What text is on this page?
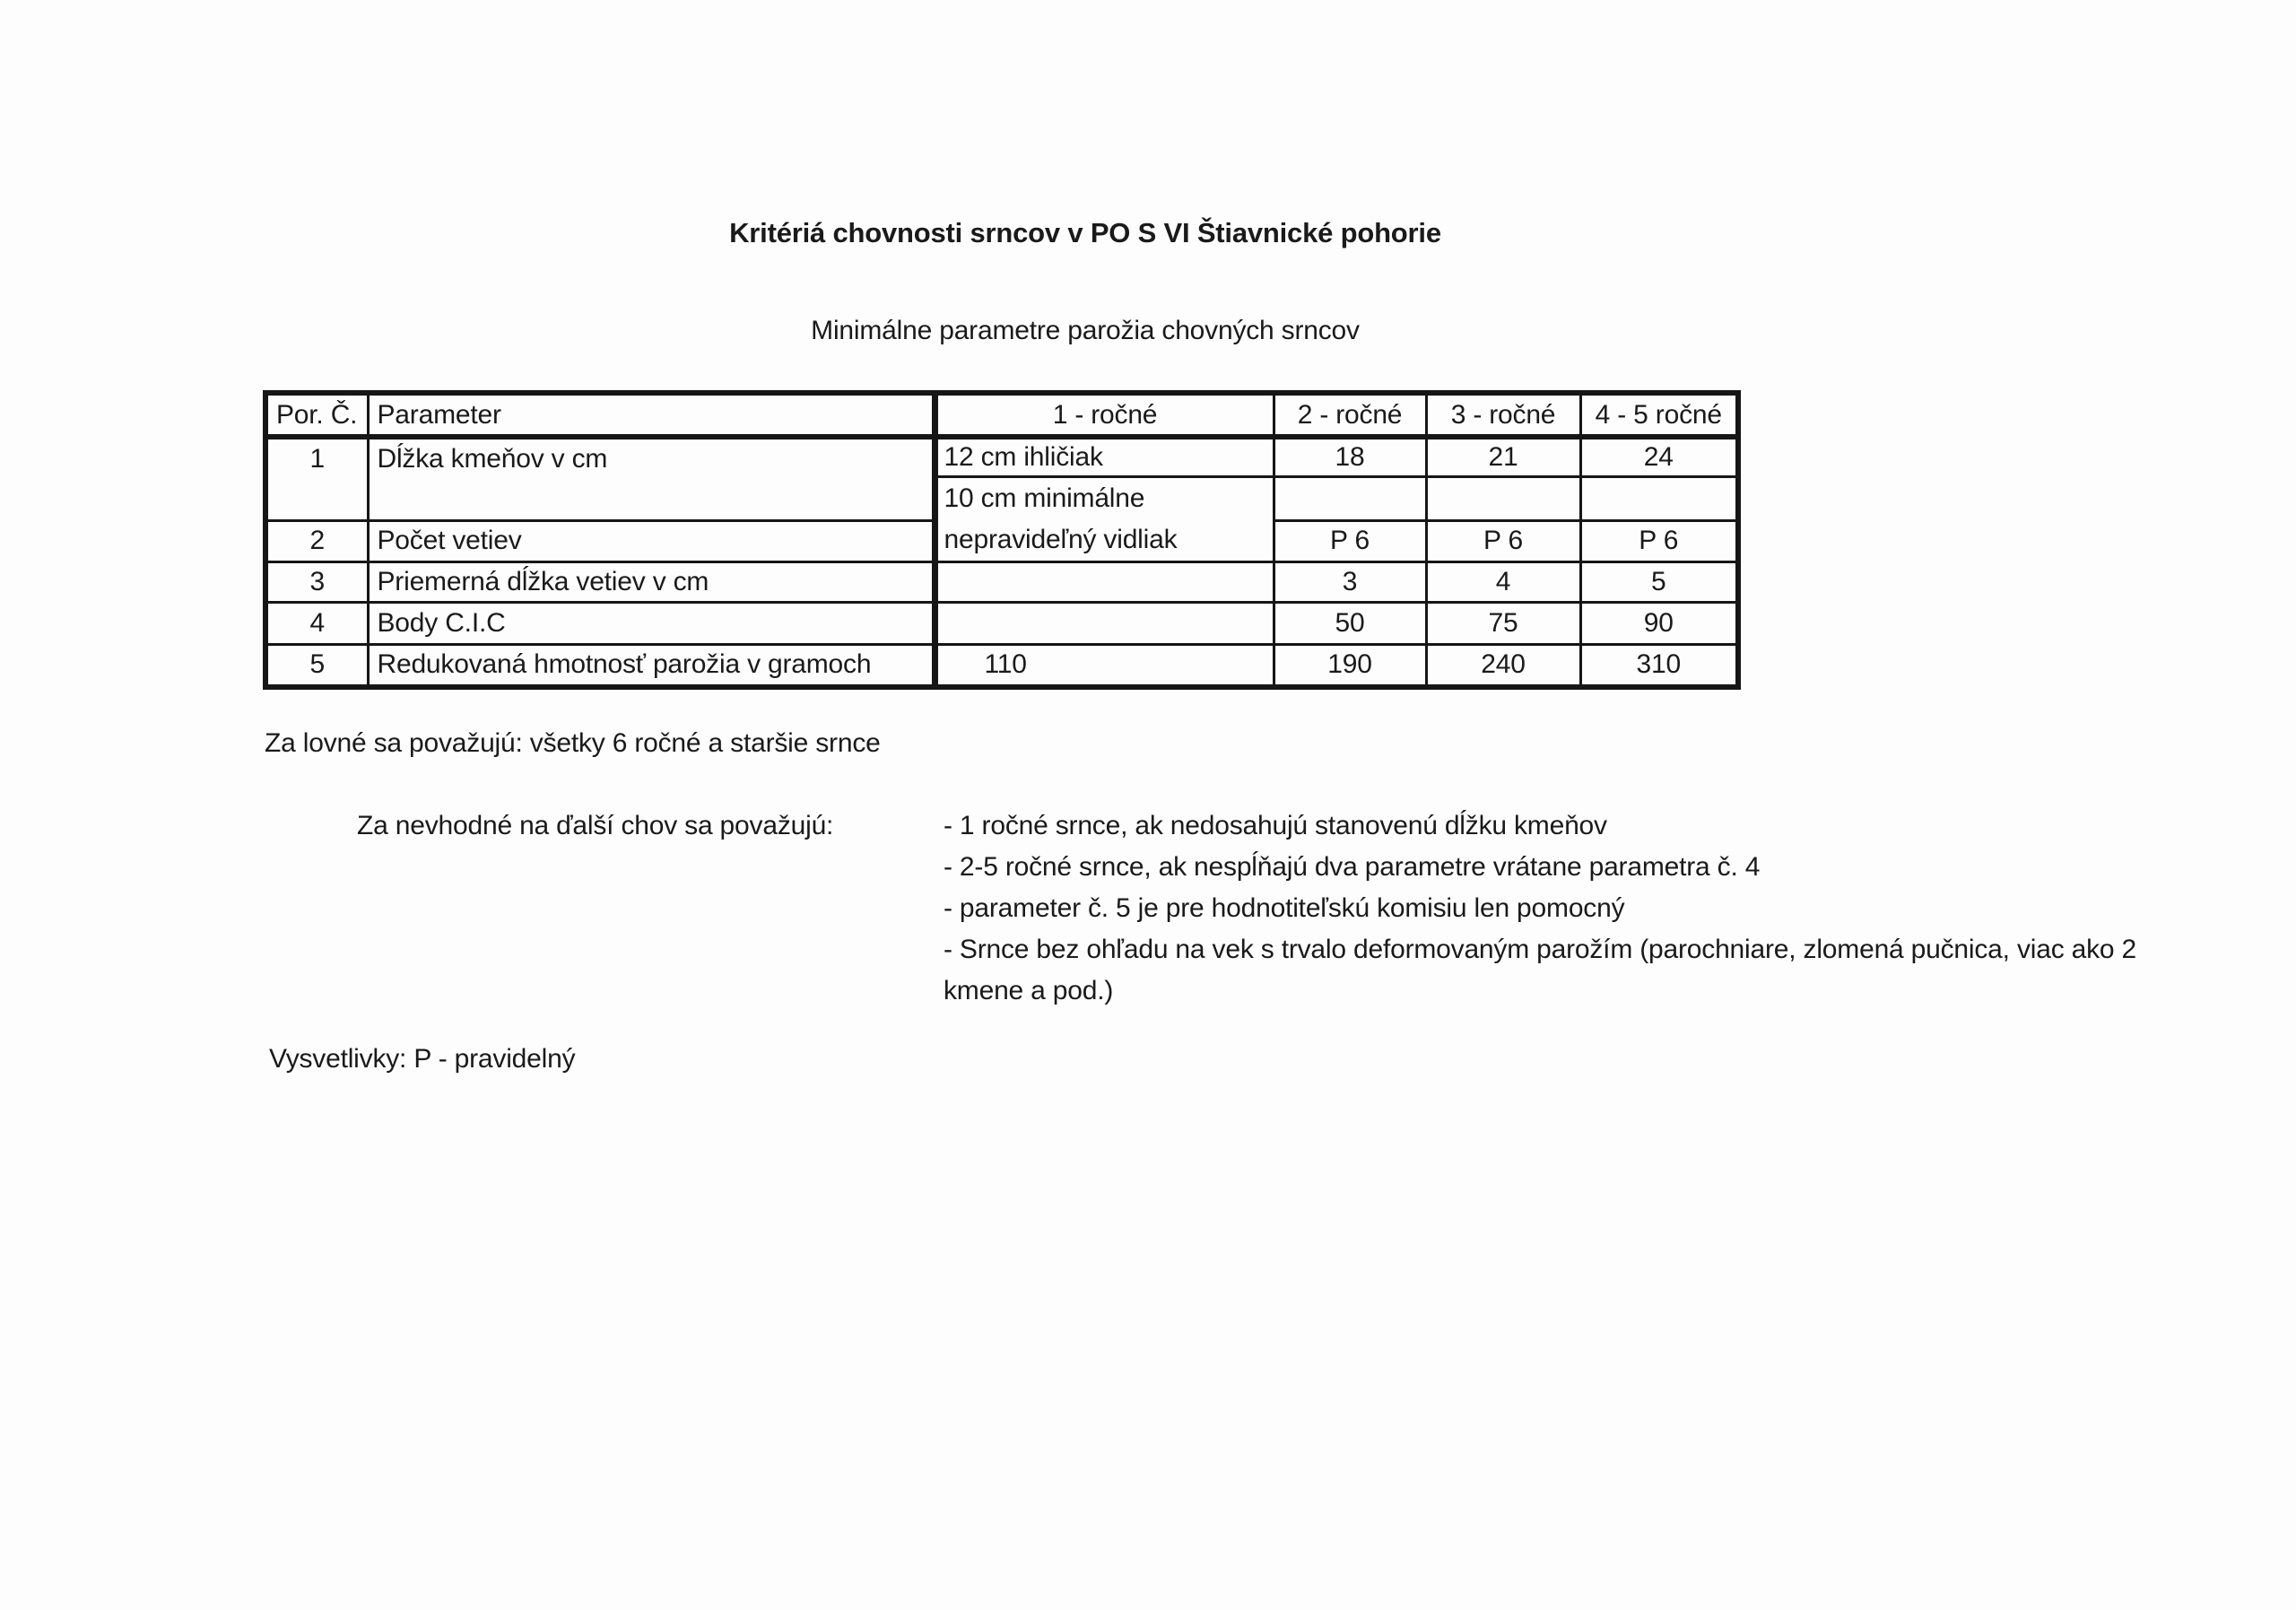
Kritériá chovnosti srncov v PO S VI Štiavnické pohorie
Minimálne parametre parožia chovných srncov
Por. Č.	Parameter	1 - ročné	2 - ročné	3 - ročné	4 - 5 ročné
1	Dĺžka kmeňov v cm	12 cm ihličiak	18	21	24

		10 cm minimálne
nepravideľný vidliak			

2	Počet vetiev		P 6	P 6	P 6
3	Priemerná dĺžka vetiev v cm		3	4	5
4	Body C.I.C		50	75	90
5	Redukovaná hmotnosť parožia v gramoch	110	190	240	310
Za lovné sa považujú: všetky 6 ročné a staršie srnce
Za nevhodné na ďalší chov sa považujú:	- 1 ročné srnce, ak nedosahujú stanovenú dĺžku kmeňov
- 2-5 ročné srnce, ak nespĺňajú dva parametre vrátane parametra č. 4
- parameter č. 5 je pre hodnotiteľskú komisiu len pomocný
- Srnce bez ohľadu na vek s trvalo deformovaným parožím (parochniare, zlomená pučnica, viac ako 2 kmene a pod.)
Vysvetlivky: P - pravidelný
